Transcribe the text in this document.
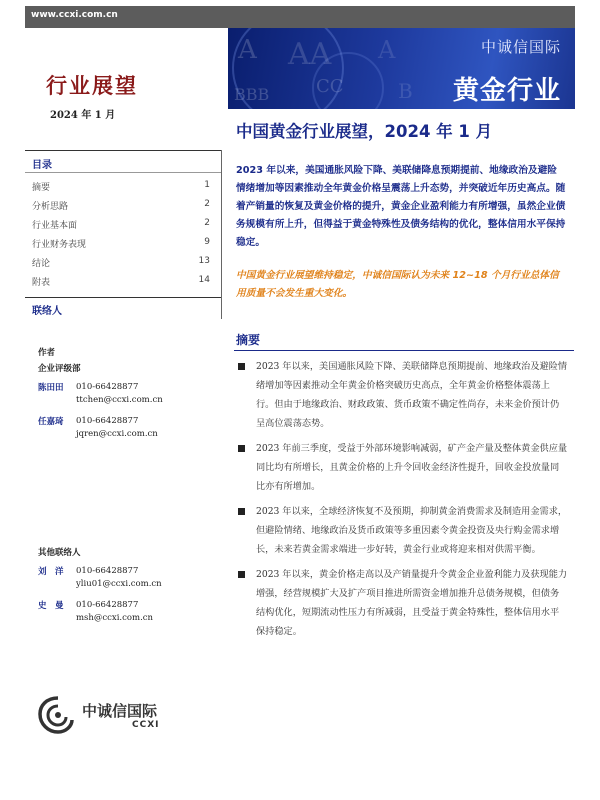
www.ccxi.com.cn
A AA
BBB	CC
A
B
中诚信国际
黄金行业
行业展望
2024 年 1 月
中国黄金行业展望，2024 年 1 月
目录
摘要	1
分析思路	2
行业基本面	2
行业财务表现	9
结论	13
附表	14
联络人
作者
企业评级部
陈田田	010-66428877
ttchen@ccxi.com.cn
任嘉琦	010-66428877
jqren@ccxi.com.cn
其他联络人
刘　洋	010-66428877
yliu01@ccxi.com.cn
史　曼	010-66428877
msh@ccxi.com.cn
2023 年以来，美国通胀风险下降、美联储降息预期提前、地缘政治及避险情绪增加等因素推动全年黄金价格呈震荡上升态势，并突破近年历史高点。随着产销量的恢复及黄金价格的提升，黄金企业盈利能力有所增强，虽然企业债务规模有所上升，但得益于黄金特殊性及债务结构的优化，整体信用水平保持稳定。
中国黄金行业展望维持稳定，中诚信国际认为未来 12~18 个月行业总体信用质量不会发生重大变化。
摘要
2023 年以来，美国通胀风险下降、美联储降息预期提前、地缘政治及避险情绪增加等因素推动全年黄金价格突破历史高点，全年黄金价格整体震荡上行。但由于地缘政治、财政政策、货币政策不确定性尚存，未来金价预计仍呈高位震荡态势。
2023 年前三季度，受益于外部环境影响减弱，矿产金产量及整体黄金供应量同比均有所增长，且黄金价格的上升令回收金经济性提升，回收金投放量同比亦有所增加。
2023 年以来，全球经济恢复不及预期，抑制黄金消费需求及制造用金需求，但避险情绪、地缘政治及货币政策等多重因素令黄金投资及央行购金需求增长，未来若黄金需求端进一步好转，黄金行业或将迎来相对供需平衡。
2023 年以来，黄金价格走高以及产销量提升令黄金企业盈利能力及获现能力增强，经营规模扩大及扩产项目推进所需资金增加推升总债务规模，但债务结构优化，短期流动性压力有所减弱，且受益于黄金特殊性，整体信用水平保持稳定。
中诚信国际
CCXI
